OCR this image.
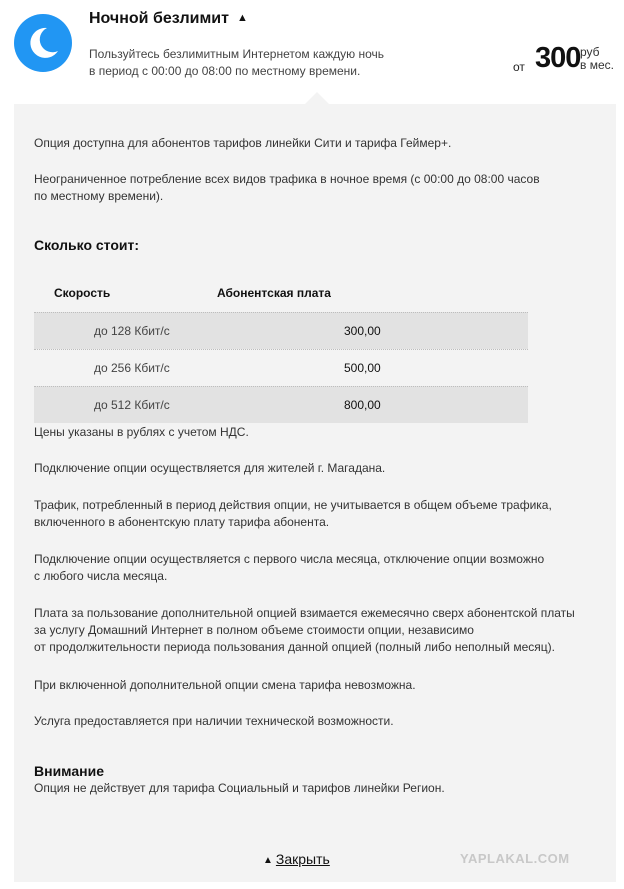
Ночной безлимит ▲
Пользуйтесь безлимитным Интернетом каждую ночь
в период с 00:00 до 08:00 по местному времени.	от 300 руб
в мес.
Опция доступна для абонентов тарифов линейки Сити и тарифа Геймер+.
Неограниченное потребление всех видов трафика в ночное время (с 00:00 до 08:00 часов
по местному времени).
Сколько стоит:
Скорость	Абонентская плата
до 128 Кбит/с	300,00
до 256 Кбит/с	500,00
до 512 Кбит/с	800,00
Цены указаны в рублях с учетом НДС.
Подключение опции осуществляется для жителей г. Магадана.
Трафик, потребленный в период действия опции, не учитывается в общем объеме трафика,
включенного в абонентскую плату тарифа абонента.
Подключение опции осуществляется с первого числа месяца, отключение опции возможно
с любого числа месяца.
Плата за пользование дополнительной опцией взимается ежемесячно сверх абонентской платы
за услугу Домашний Интернет в полном объеме стоимости опции, независимо
от продолжительности периода пользования данной опцией (полный либо неполный месяц).
При включенной дополнительной опции смена тарифа невозможна.
Услуга предоставляется при наличии технической возможности.
Внимание
Опция не действует для тарифа Социальный и тарифов линейки Регион.
▲ Закрыть	YAPLAKAL.COM
